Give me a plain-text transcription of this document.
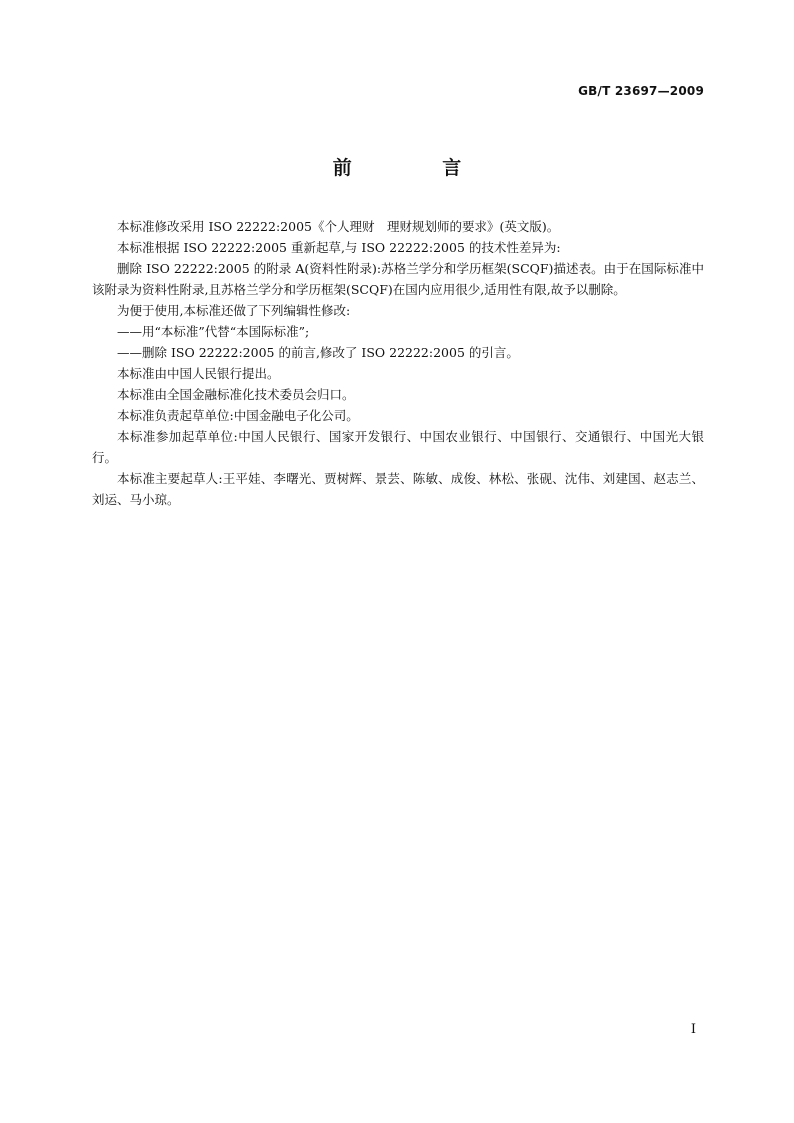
GB/T 23697—2009
前 言

本标准修改采用 ISO 22222:2005《个人理财　理财规划师的要求》(英文版)。

本标准根据 ISO 22222:2005 重新起草,与 ISO 22222:2005 的技术性差异为:

删除 ISO 22222:2005 的附录 A(资料性附录):苏格兰学分和学历框架(SCQF)描述表。由于在国际标准中该附录为资料性附录,且苏格兰学分和学历框架(SCQF)在国内应用很少,适用性有限,故予以删除。

为便于使用,本标准还做了下列编辑性修改:

——用“本标准”代替“本国际标准”;

——删除 ISO 22222:2005 的前言,修改了 ISO 22222:2005 的引言。

本标准由中国人民银行提出。

本标准由全国金融标准化技术委员会归口。

本标准负责起草单位:中国金融电子化公司。

本标准参加起草单位:中国人民银行、国家开发银行、中国农业银行、中国银行、交通银行、中国光大银行。

本标准主要起草人:王平娃、李曙光、贾树辉、景芸、陈敏、成俊、林松、张砚、沈伟、刘建国、赵志兰、刘运、马小琼。

I
